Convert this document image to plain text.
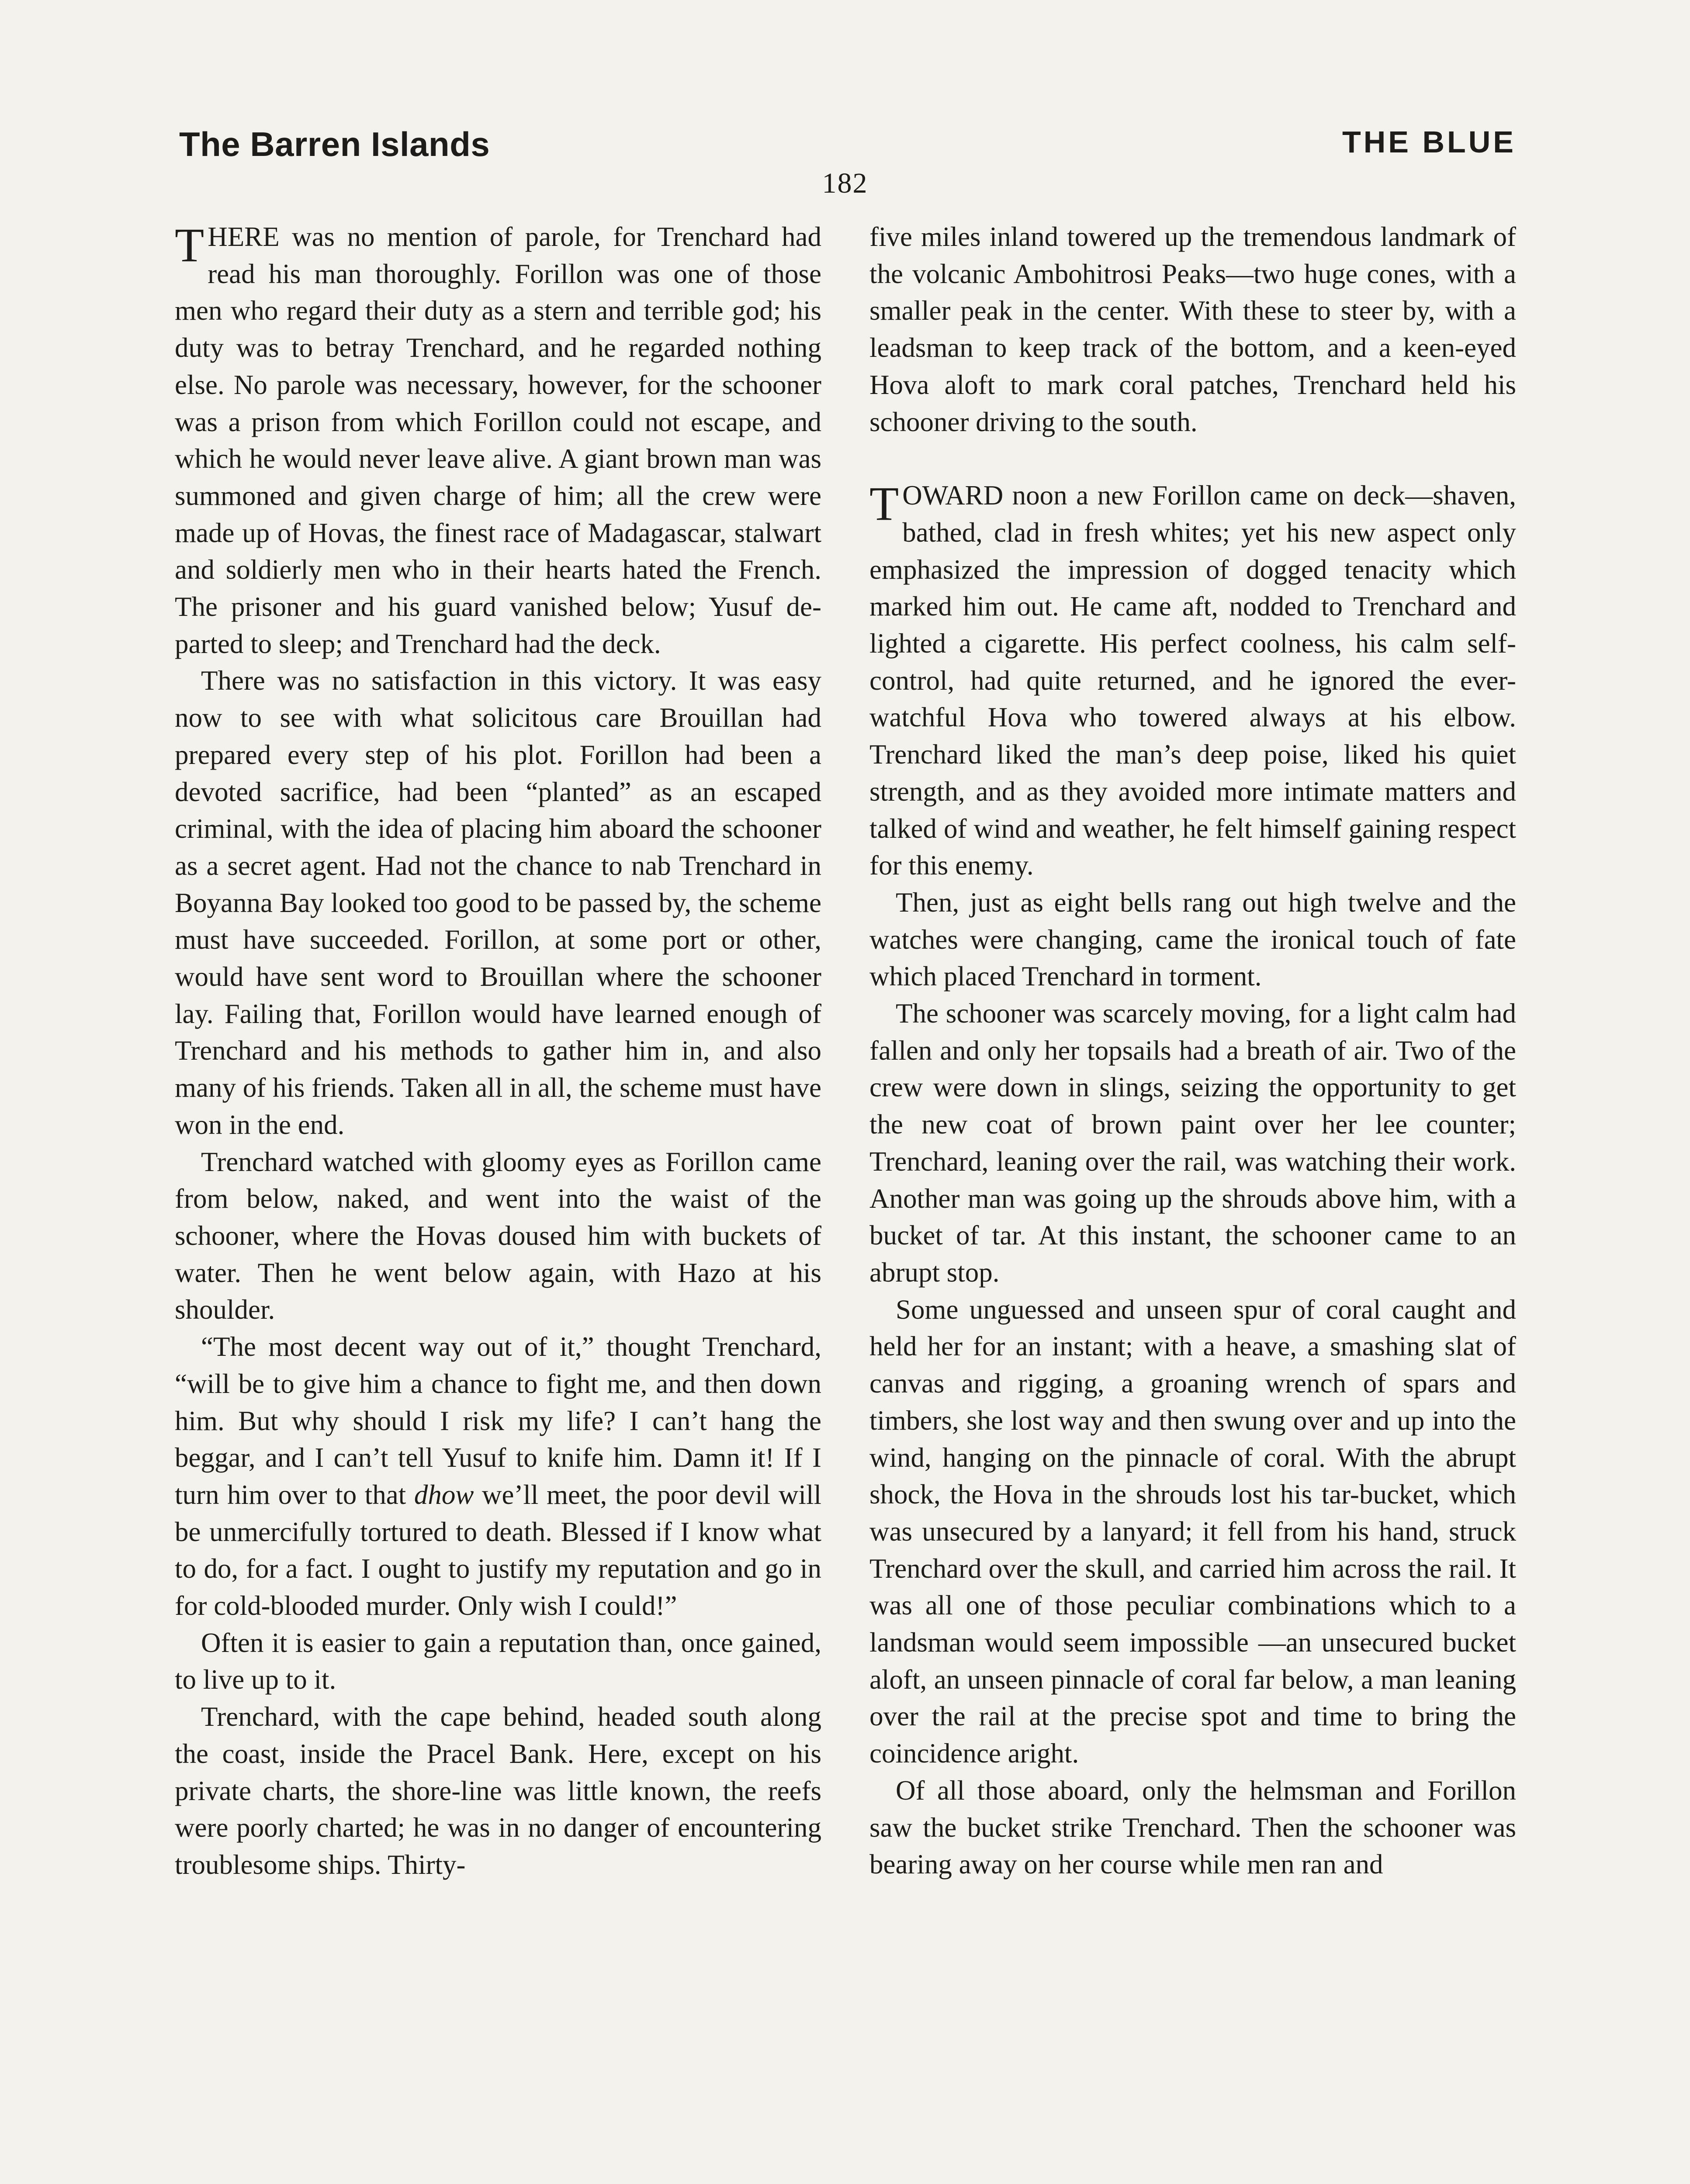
The Barren Islands	THE BLUE
182

THERE was no mention of parole, for Trenchard had read his man thoroughly. Forillon was one of those men who regard their duty as a stern and terrible god; his duty was to betray Trenchard, and he regarded nothing else. No parole was necessary, however, for the schooner was a prison from which Forillon could not escape, and which he would never leave alive. A giant brown man was summoned and given charge of him; all the crew were made up of Hovas, the finest race of Madagascar, stalwart and soldierly men who in their hearts hated the French. The prisoner and his guard vanished below; Yusuf departed to sleep; and Trenchard had the deck.

There was no satisfaction in this victory. It was easy now to see with what solicitous care Brouillan had prepared every step of his plot. Forillon had been a devoted sacrifice, had been “planted” as an escaped criminal, with the idea of placing him aboard the schooner as a secret agent. Had not the chance to nab Trenchard in Boyanna Bay looked too good to be passed by, the scheme must have succeeded. Forillon, at some port or other, would have sent word to Brouillan where the schooner lay. Failing that, Forillon would have learned enough of Trenchard and his methods to gather him in, and also many of his friends. Taken all in all, the scheme must have won in the end.

Trenchard watched with gloomy eyes as Forillon came from below, naked, and went into the waist of the schooner, where the Hovas doused him with buckets of water. Then he went below again, with Hazo at his shoulder.

“The most decent way out of it,” thought Trenchard, “will be to give him a chance to fight me, and then down him. But why should I risk my life? I can’t hang the beggar, and I can’t tell Yusuf to knife him. Damn it! If I turn him over to that dhow we’ll meet, the poor devil will be unmercifully tortured to death. Blessed if I know what to do, for a fact. I ought to justify my reputation and go in for cold-blooded murder. Only wish I could!”

Often it is easier to gain a reputation than, once gained, to live up to it.

Trenchard, with the cape behind, headed south along the coast, inside the Pracel Bank. Here, except on his private charts, the shore-line was little known, the reefs were poorly charted; he was in no danger of encountering troublesome ships. Thirty-

five miles inland towered up the tremendous landmark of the volcanic Ambohitrosi Peaks—two huge cones, with a smaller peak in the center. With these to steer by, with a leadsman to keep track of the bottom, and a keen-eyed Hova aloft to mark coral patches, Trenchard held his schooner driving to the south.

TOWARD noon a new Forillon came on deck—shaven, bathed, clad in fresh whites; yet his new aspect only emphasized the impression of dogged tenacity which marked him out. He came aft, nodded to Trenchard and lighted a cigarette. His perfect coolness, his calm self-control, had quite returned, and he ignored the ever-watchful Hova who towered always at his elbow. Trenchard liked the man’s deep poise, liked his quiet strength, and as they avoided more intimate matters and talked of wind and weather, he felt himself gaining respect for this enemy.

Then, just as eight bells rang out high twelve and the watches were changing, came the ironical touch of fate which placed Trenchard in torment.

The schooner was scarcely moving, for a light calm had fallen and only her topsails had a breath of air. Two of the crew were down in slings, seizing the opportunity to get the new coat of brown paint over her lee counter; Trenchard, leaning over the rail, was watching their work. Another man was going up the shrouds above him, with a bucket of tar. At this instant, the schooner came to an abrupt stop.

Some unguessed and unseen spur of coral caught and held her for an instant; with a heave, a smashing slat of canvas and rigging, a groaning wrench of spars and timbers, she lost way and then swung over and up into the wind, hanging on the pinnacle of coral. With the abrupt shock, the Hova in the shrouds lost his tar-bucket, which was unsecured by a lanyard; it fell from his hand, struck Trenchard over the skull, and carried him across the rail. It was all one of those peculiar combinations which to a landsman would seem impossible —an unsecured bucket aloft, an unseen pinnacle of coral far below, a man leaning over the rail at the precise spot and time to bring the coincidence aright.

Of all those aboard, only the helmsman and Forillon saw the bucket strike Trenchard. Then the schooner was bearing away on her course while men ran and
